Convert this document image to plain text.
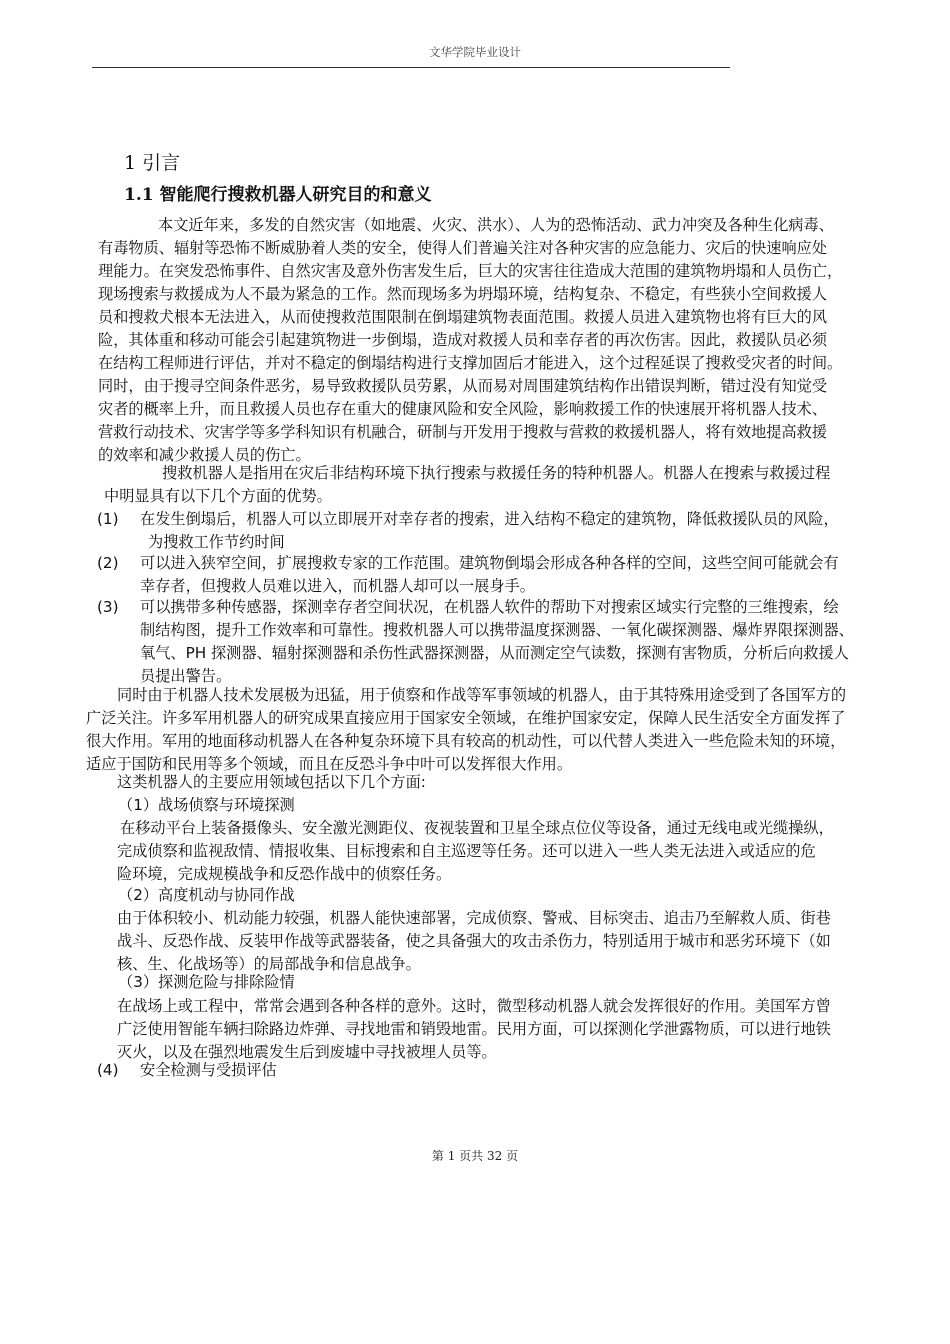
文华学院毕业设计
1 引言
1.1 智能爬行搜救机器人研究目的和意义
本文近年来，多发的自然灾害（如地震、火灾、洪水）、人为的恐怖活动、武力冲突及各种生化病毒、
有毒物质、辐射等恐怖不断威胁着人类的安全，使得人们普遍关注对各种灾害的应急能力、灾后的快速响应处
理能力。在突发恐怖事件、自然灾害及意外伤害发生后，巨大的灾害往往造成大范围的建筑物坍塌和人员伤亡，
现场搜索与救援成为人不最为紧急的工作。然而现场多为坍塌环境，结构复杂、不稳定，有些狭小空间救援人
员和搜救犬根本无法进入，从而使搜救范围限制在倒塌建筑物表面范围。救援人员进入建筑物也将有巨大的风
险，其体重和移动可能会引起建筑物进一步倒塌，造成对救援人员和幸存者的再次伤害。因此，救援队员必须
在结构工程师进行评估，并对不稳定的倒塌结构进行支撑加固后才能进入，这个过程延误了搜救受灾者的时间。
同时，由于搜寻空间条件恶劣，易导致救援队员劳累，从而易对周围建筑结构作出错误判断，错过没有知觉受
灾者的概率上升，而且救援人员也存在重大的健康风险和安全风险，影响救援工作的快速展开将机器人技术、
营救行动技术、灾害学等多学科知识有机融合，研制与开发用于搜救与营救的救援机器人，将有效地提高救援
的效率和减少救援人员的伤亡。
搜救机器人是指用在灾后非结构环境下执行搜索与救援任务的特种机器人。机器人在搜索与救援过程
中明显具有以下几个方面的优势。
(1) 在发生倒塌后，机器人可以立即展开对幸存者的搜索，进入结构不稳定的建筑物，降低救援队员的风险，
为搜救工作节约时间
(2) 可以进入狭窄空间，扩展搜救专家的工作范围。建筑物倒塌会形成各种各样的空间，这些空间可能就会有
幸存者，但搜救人员难以进入，而机器人却可以一展身手。
(3) 可以携带多种传感器，探测幸存者空间状况，在机器人软件的帮助下对搜索区域实行完整的三维搜索，绘
制结构图，提升工作效率和可靠性。搜救机器人可以携带温度探测器、一氧化碳探测器、爆炸界限探测器、
氧气、PH 探测器、辐射探测器和杀伤性武器探测器，从而测定空气读数，探测有害物质，分析后向救援人
员提出警告。
同时由于机器人技术发展极为迅猛，用于侦察和作战等军事领域的机器人，由于其特殊用途受到了各国军方的
广泛关注。许多军用机器人的研究成果直接应用于国家安全领域，在维护国家安定，保障人民生活安全方面发挥了
很大作用。军用的地面移动机器人在各种复杂环境下具有较高的机动性，可以代替人类进入一些危险未知的环境，
适应于国防和民用等多个领域，而且在反恐斗争中叶可以发挥很大作用。
这类机器人的主要应用领域包括以下几个方面:
（1）战场侦察与环境探测
在移动平台上装备摄像头、安全激光测距仪、夜视装置和卫星全球点位仪等设备，通过无线电或光缆操纵，
完成侦察和监视敌情、情报收集、目标搜索和自主巡逻等任务。还可以进入一些人类无法进入或适应的危
险环境，完成规模战争和反恐作战中的侦察任务。
（2）高度机动与协同作战
由于体积较小、机动能力较强，机器人能快速部署，完成侦察、警戒、目标突击、追击乃至解救人质、街巷
战斗、反恐作战、反装甲作战等武器装备，使之具备强大的攻击杀伤力，特别适用于城市和恶劣环境下（如
核、生、化战场等）的局部战争和信息战争。
（3）探测危险与排除险情
在战场上或工程中，常常会遇到各种各样的意外。这时，微型移动机器人就会发挥很好的作用。美国军方曾
广泛使用智能车辆扫除路边炸弹、寻找地雷和销毁地雷。民用方面，可以探测化学泄露物质，可以进行地铁
灭火，以及在强烈地震发生后到废墟中寻找被埋人员等。
(4) 安全检测与受损评估
第 1 页共 32 页
